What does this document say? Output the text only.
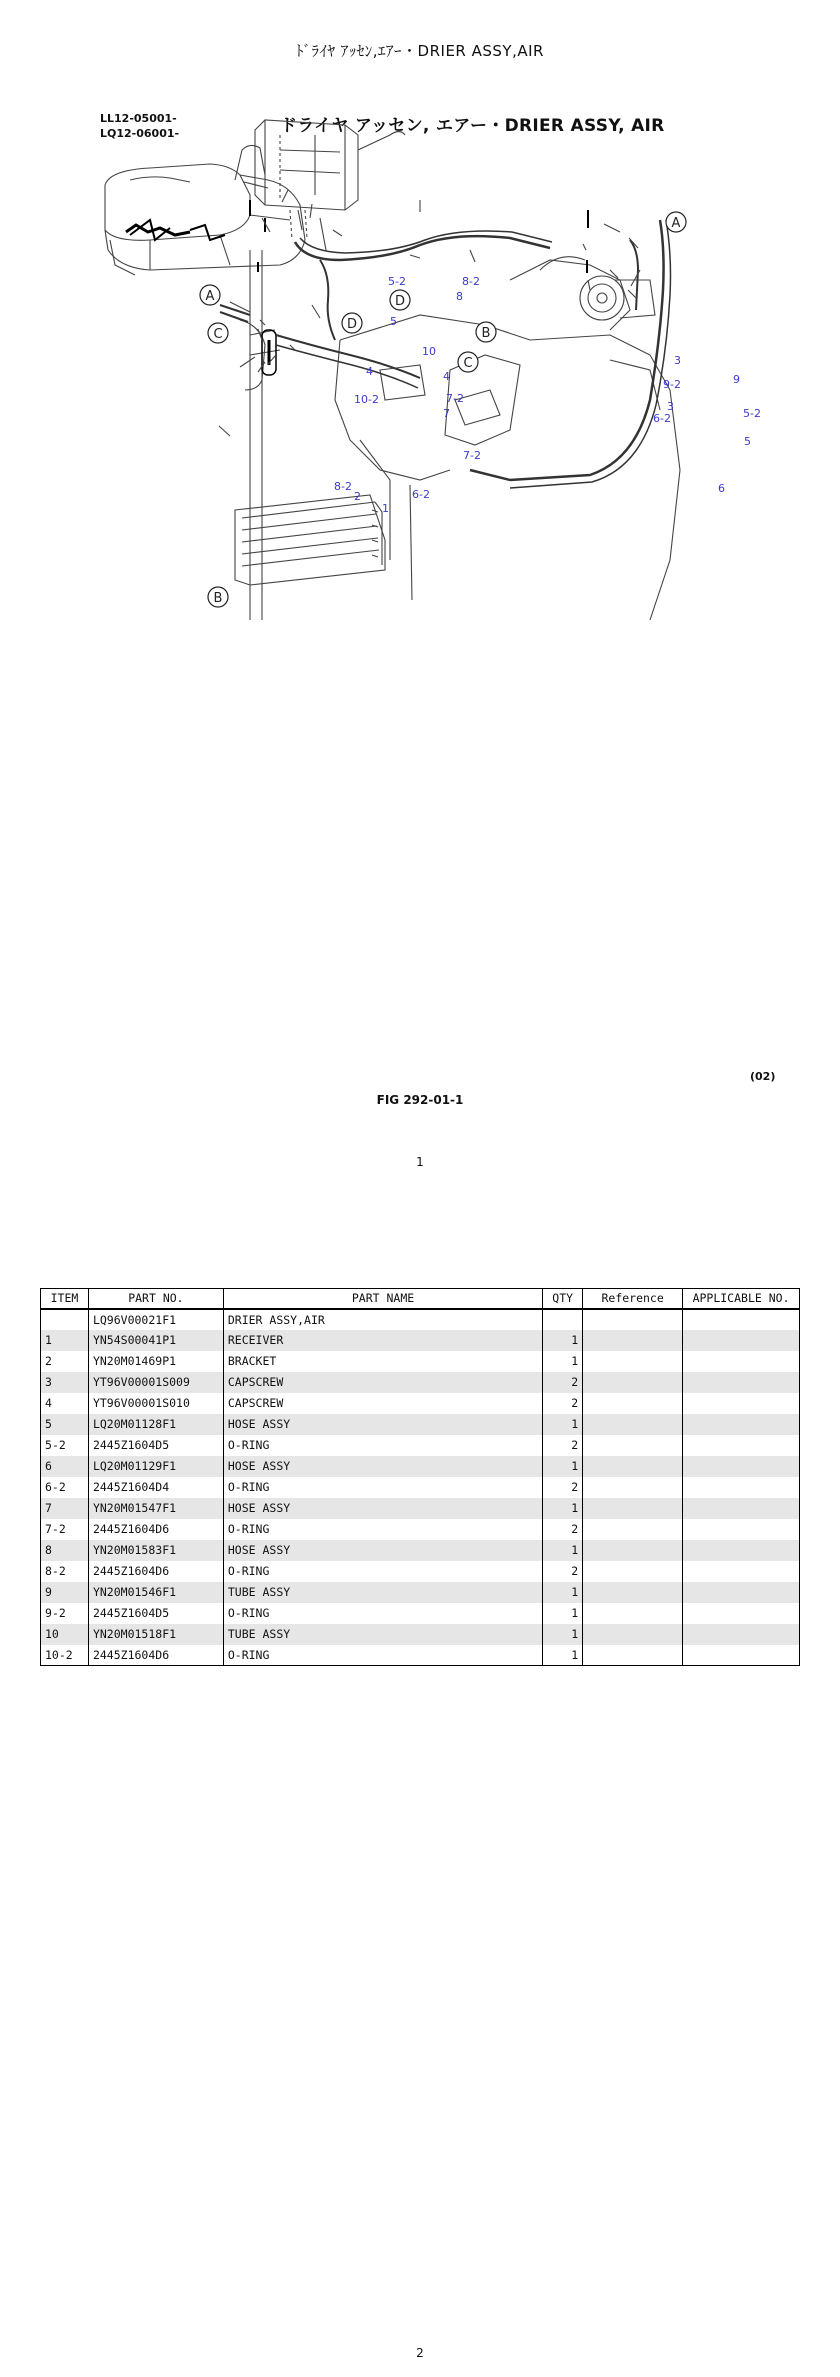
ﾄﾞﾗｲﾔ ｱｯｾﾝ,ｴｱｰ・DRIER ASSY,AIR
LL12-05001-
LQ12-06001-	ドライヤ アッセン, エアー・DRIER ASSY, AIR
A
A
B
B
C
C
D
D
5-2	8-2
8
5
4
10
4
10-2	7-2
7
3
9-2	9
3
6-2	5-2
5
7-2
6
8-2
2	6-2
1
(02)
FIG 292-01-1
1
ITEM	PART NO.	PART NAME	QTY	Reference	APPLICABLE NO.
	LQ96V00021F1	DRIER ASSY,AIR			
1	YN54S00041P1	RECEIVER	1		
2	YN20M01469P1	BRACKET	1		
3	YT96V00001S009	CAPSCREW	2		
4	YT96V00001S010	CAPSCREW	2		
5	LQ20M01128F1	HOSE ASSY	1		
5-2	2445Z1604D5	O-RING	2		
6	LQ20M01129F1	HOSE ASSY	1		
6-2	2445Z1604D4	O-RING	2		
7	YN20M01547F1	HOSE ASSY	1		
7-2	2445Z1604D6	O-RING	2		
8	YN20M01583F1	HOSE ASSY	1		
8-2	2445Z1604D6	O-RING	2		
9	YN20M01546F1	TUBE ASSY	1		
9-2	2445Z1604D5	O-RING	1		
10	YN20M01518F1	TUBE ASSY	1		
10-2	2445Z1604D6	O-RING	1		
2
